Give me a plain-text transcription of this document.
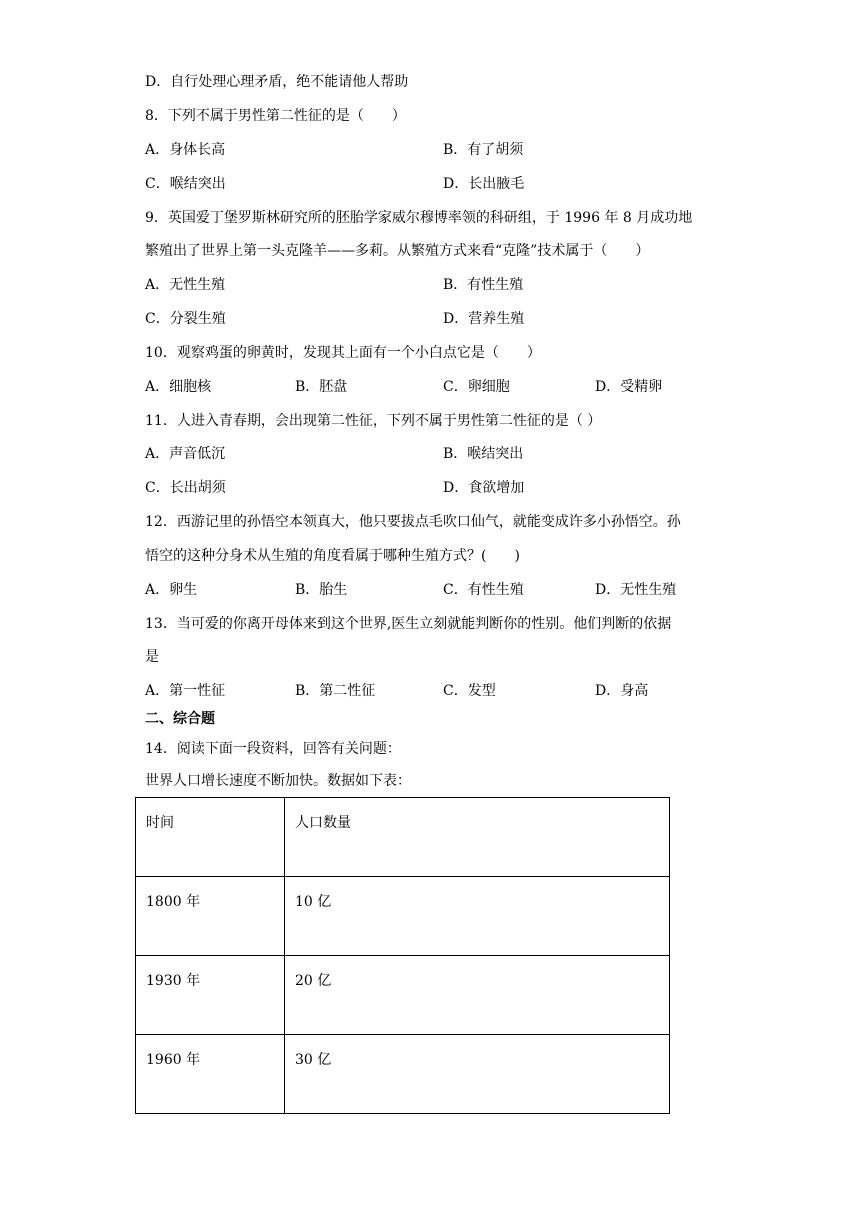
D．自行处理心理矛盾，绝不能请他人帮助
8．下列不属于男性第二性征的是（　　）
A．身体长高	B．有了胡须
C．喉结突出	D．长出腋毛
9．英国爱丁堡罗斯林研究所的胚胎学家威尔穆博率领的科研组，于 1996 年 8 月成功地
繁殖出了世界上第一头克隆羊——多莉。从繁殖方式来看“克隆”技术属于（　　）
A．无性生殖	B．有性生殖
C．分裂生殖	D．营养生殖
10．观察鸡蛋的卵黄时，发现其上面有一个小白点它是（　　）
A．细胞核	B．胚盘	C．卵细胞	D．受精卵
11．人进入青春期，会出现第二性征，下列不属于男性第二性征的是（ ）
A．声音低沉	B．喉结突出
C．长出胡须	D．食欲增加
12．西游记里的孙悟空本领真大，他只要拔点毛吹口仙气，就能变成许多小孙悟空。孙
悟空的这种分身术从生殖的角度看属于哪种生殖方式？(　　)
A．卵生	B．胎生	C．有性生殖	D．无性生殖
13．当可爱的你离开母体来到这个世界,医生立刻就能判断你的性别。他们判断的依据
是
A．第一性征	B．第二性征	C．发型	D．身高
二、综合题
14．阅读下面一段资料，回答有关问题：
世界人口增长速度不断加快。数据如下表：
时间	人口数量
1800 年	10 亿
1930 年	20 亿
1960 年	30 亿
